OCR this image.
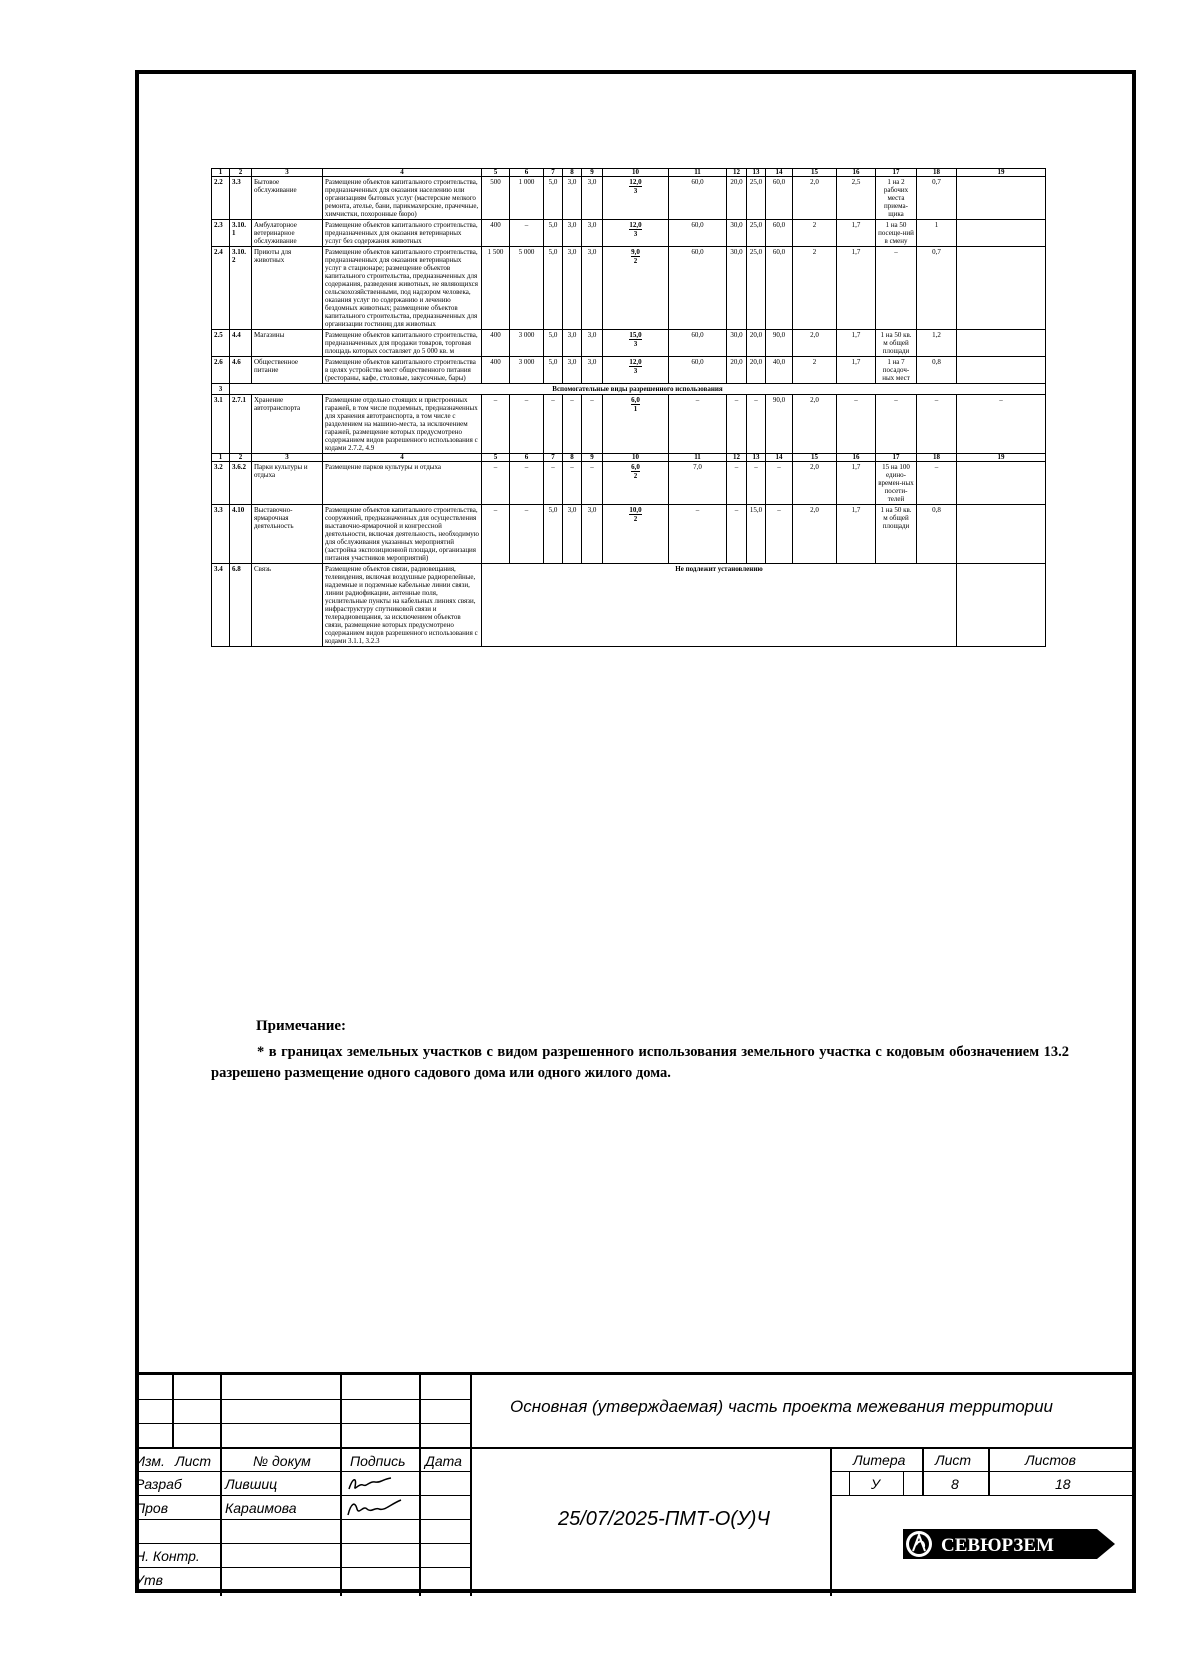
1	2	3	4	5	6	7	8	9	10	11	12	13	14	15	16	17	18	19
2.2	3.3	Бытовое обслуживание	Размещение объектов капитального строительства, предназначенных для оказания населению или организациям бытовых услуг (мастерские мелкого ремонта, ателье, бани, парикмахерские, прачечные, химчистки, похоронные бюро)	500	1 000	5,0	3,0	3,0	$\frac{12,0}{3}$	60,0	20,0	25,0	60,0	2,0	2,5	1 на 2 рабочих места приема-щика	0,7	
2.3	3.10.1	Амбулаторное ветеринарное обслуживание	Размещение объектов капитального строительства, предназначенных для оказания ветеринарных услуг без содержания животных	400	–	5,0	3,0	3,0	$\frac{12,0}{3}$	60,0	30,0	25,0	60,0	2	1,7	1 на 50 посеще-ний в смену	1	
2.4	3.10.2	Приюты для животных	Размещение объектов капитального строительства, предназначенных для оказания ветеринарных услуг в стационаре; размещение объектов капитального строительства, предназначенных для содержания, разведения животных, не являющихся сельскохозяйственными, под надзором человека, оказания услуг по содержанию и лечению бездомных животных; размещение объектов капитального строительства, предназначенных для организации гостиниц для животных	1 500	5 000	5,0	3,0	3,0	$\frac{9,0}{2}$	60,0	30,0	25,0	60,0	2	1,7	–	0,7	
2.5	4.4	Магазины	Размещение объектов капитального строительства, предназначенных для продажи товаров, торговая площадь которых составляет до 5 000 кв. м	400	3 000	5,0	3,0	3,0	$\frac{15,0}{3}$	60,0	30,0	20,0	90,0	2,0	1,7	1 на 50 кв. м общей площади	1,2	
2.6	4.6	Общественное питание	Размещение объектов капитального строительства в целях устройства мест общественного питания (рестораны, кафе, столовые, закусочные, бары)	400	3 000	5,0	3,0	3,0	$\frac{12,0}{3}$	60,0	20,0	20,0	40,0	2	1,7	1 на 7 посадоч-ных мест	0,8	
3	Вспомогательные виды разрешенного использования																	
3.1	2.7.1	Хранение автотранспорта	Размещение отдельно стоящих и пристроенных гаражей, в том числе подземных, предназначенных для хранения автотранспорта, в том числе с разделением на машино-места, за исключением гаражей, размещение которых предусмотрено содержанием видов разрешенного использования с кодами 2.7.2, 4.9	–	–	–	–	–	$\frac{6,0}{1}$	–	–	–	90,0	2,0	–	–	–	–
1	2	3	4	5	6	7	8	9	10	11	12	13	14	15	16	17	18	19
3.2	3.6.2	Парки культуры и отдыха	Размещение парков культуры и отдыха	–	–	–	–	–	$\frac{6,0}{2}$	7,0	–	–	–	2,0	1,7	15 на 100 едино-времен-ных посети-телей	–	
3.3	4.10	Выставочно-ярмарочная деятельность	Размещение объектов капитального строительства, сооружений, предназначенных для осуществления выставочно-ярмарочной и конгрессной деятельности, включая деятельность, необходимую для обслуживания указанных мероприятий (застройка экспозиционной площади, организация питания участников мероприятий)	–	–	5,0	3,0	3,0	$\frac{10,0}{2}$	–	–	15,0	–	2,0	1,7	1 на 50 кв. м общей площади	0,8	
3.4	6.8	Связь	Размещение объектов связи, радиовещания, телевидения, включая воздушные радиорелейные, надземные и подземные кабельные линии связи, линии радиофикации, антенные поля, усилительные пункты на кабельных линиях связи, инфраструктуру спутниковой связи и телерадиовещания, за исключением объектов связи, размещение которых предусмотрено содержанием видов разрешенного использования с кодами 3.1.1, 3.2.3	Не подлежит установлению														
Примечание:
* в границах земельных участков с видом разрешенного использования земельного участка с кодовым обозначением 13.2 разрешено размещение одного садового дома или одного жилого дома.
Изм. Лист	№ докум	Подпись Дата
Разраб	Лившиц
Пров	Караимова
Н. Контр.
Утв
Основная (утверждаемая) часть проекта межевания территории
25/07/2025-ПМТ-О(У)Ч
Литера Лист	Листов
У	8	18
СЕВЮРЗЕМ
